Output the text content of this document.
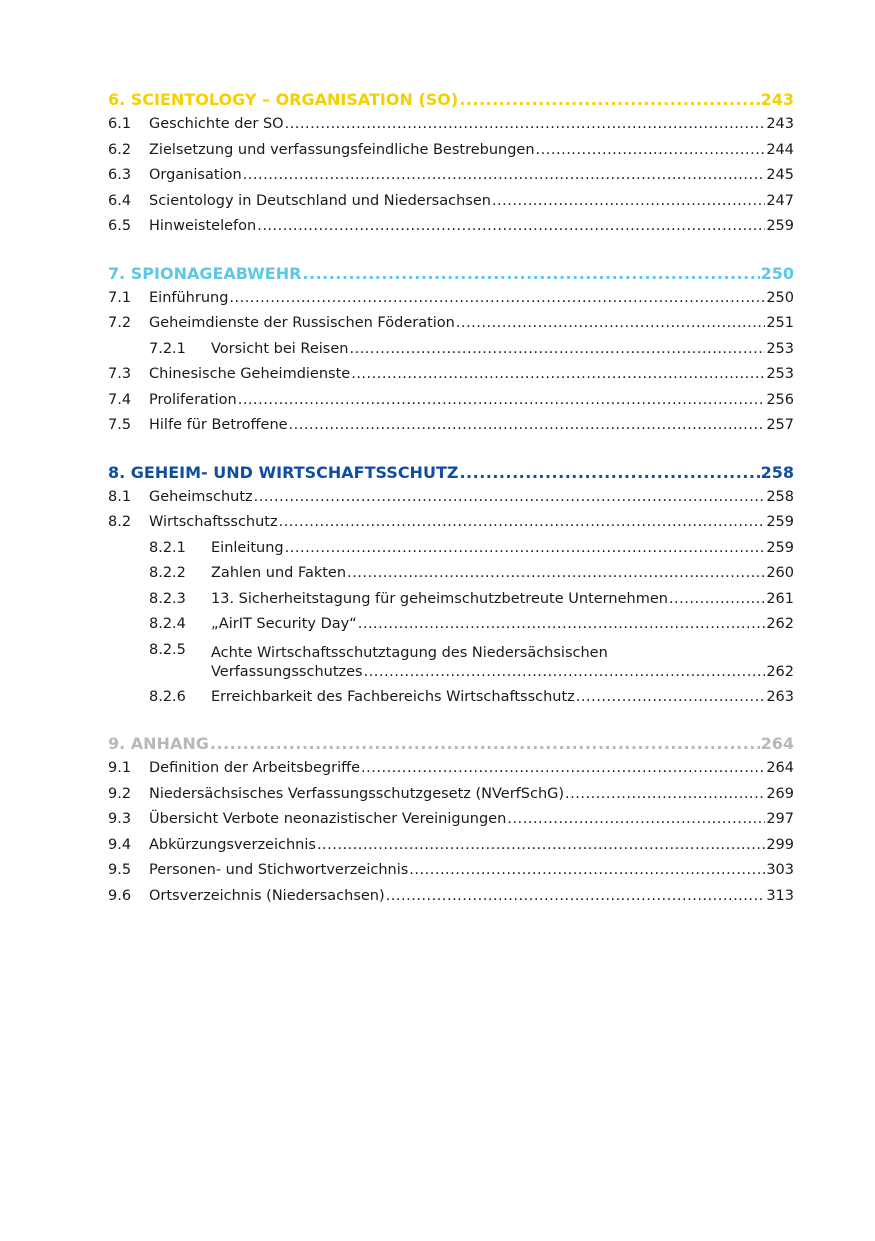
6. SCIENTOLOGY – ORGANISATION (SO) .....	243
6.1	Geschichte der SO .....	243
6.2	Zielsetzung und verfassungsfeindliche Bestrebungen .....	244
6.3	Organisation .....	245
6.4	Scientology in Deutschland und Niedersachsen .....	247
6.5	Hinweistelefon .....	259
7. SPIONAGEABWEHR .....	250
7.1	Einführung .....	250
7.2	Geheimdienste der Russischen Föderation .....	251
7.2.1	Vorsicht bei Reisen .....	253
7.3	Chinesische Geheimdienste .....	253
7.4	Proliferation .....	256
7.5	Hilfe für Betroffene .....	257
8. GEHEIM- UND WIRTSCHAFTSSCHUTZ .....	258
8.1	Geheimschutz .....	258
8.2	Wirtschaftsschutz .....	259
8.2.1	Einleitung .....	259
8.2.2	Zahlen und Fakten .....	260
8.2.3	13. Sicherheitstagung für geheimschutzbetreute Unternehmen .....	261
8.2.4	„AirIT Security Day“ .....	262
8.2.5	Achte Wirtschaftsschutztagung des Niedersächsischen
Verfassungsschutzes .....	262
8.2.6	Erreichbarkeit des Fachbereichs Wirtschaftsschutz .....	263
9. ANHANG .....	264
9.1	Definition der Arbeitsbegriffe .....	264
9.2	Niedersächsisches Verfassungsschutzgesetz (NVerfSchG) .....	269
9.3	Übersicht Verbote neonazistischer Vereinigungen .....	297
9.4	Abkürzungsverzeichnis .....	299
9.5	Personen- und Stichwortverzeichnis .....	303
9.6	Ortsverzeichnis (Niedersachsen) .....	313
